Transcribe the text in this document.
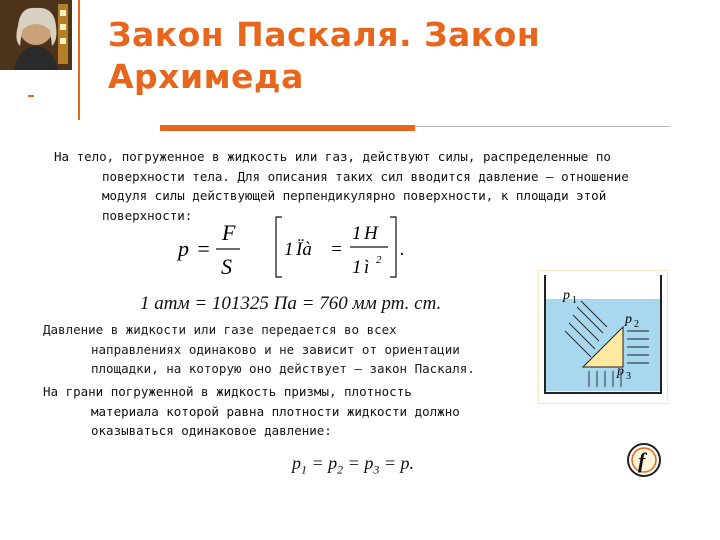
Закон Паскаля. Закон
Архимеда
На тело, погруженное в жидкость или газ, действуют силы, распределенные по
поверхности тела. Для описания таких сил вводится давление – отношение
модуля силы действующей перпендикулярно поверхности, к площади этой
поверхности:
p =
F
S
1 Ïà =
1 H
1 ì 2 .
1 атм = 101325 Па = 760 мм рт. ст.
Давление в жидкости или газе передается во всех
направлениях одинаково и не зависит от ориентации
площадки, на которую оно действует – закон Паскаля.
На грани погруженной в жидкость призмы, плотность
материала которой равна плотности жидкости должно
оказываться одинаковое давление:
$p_1 = p_2 = p_3 = p$.
p 1
p 2
p 3
f
